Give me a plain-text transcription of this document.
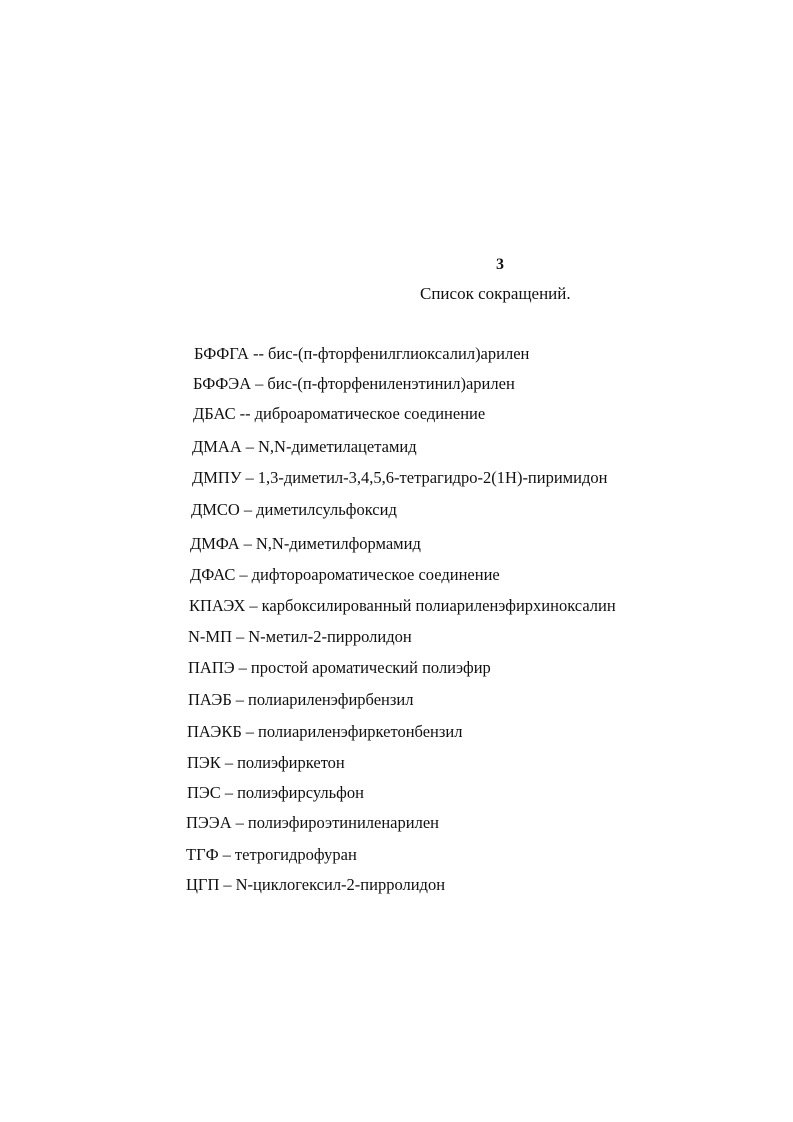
3

Список сокращений.

БФФГА -- бис-(п-фторфенилглиоксалил)арилен
БФФЭА – бис-(п-фторфениленэтинил)арилен
ДБАС -- диброароматическое соединение
ДМАА – N,N-диметилацетамид
ДМПУ – 1,3-диметил-3,4,5,6-тетрагидро-2(1Н)-пиримидон
ДМСО – диметилсульфоксид
ДМФА – N,N-диметилформамид
ДФАС – дифтороароматическое соединение
КПАЭХ – карбоксилированный полиариленэфирхиноксалин
N-МП – N-метил-2-пирролидон
ПАПЭ – простой ароматический полиэфир
ПАЭБ – полиариленэфирбензил
ПАЭКБ – полиариленэфиркетонбензил
ПЭК – полиэфиркетон
ПЭС – полиэфирсульфон
ПЭЭА – полиэфироэтиниленарилен
ТГФ – тетрогидрофуран
ЦГП – N-циклогексил-2-пирролидон
